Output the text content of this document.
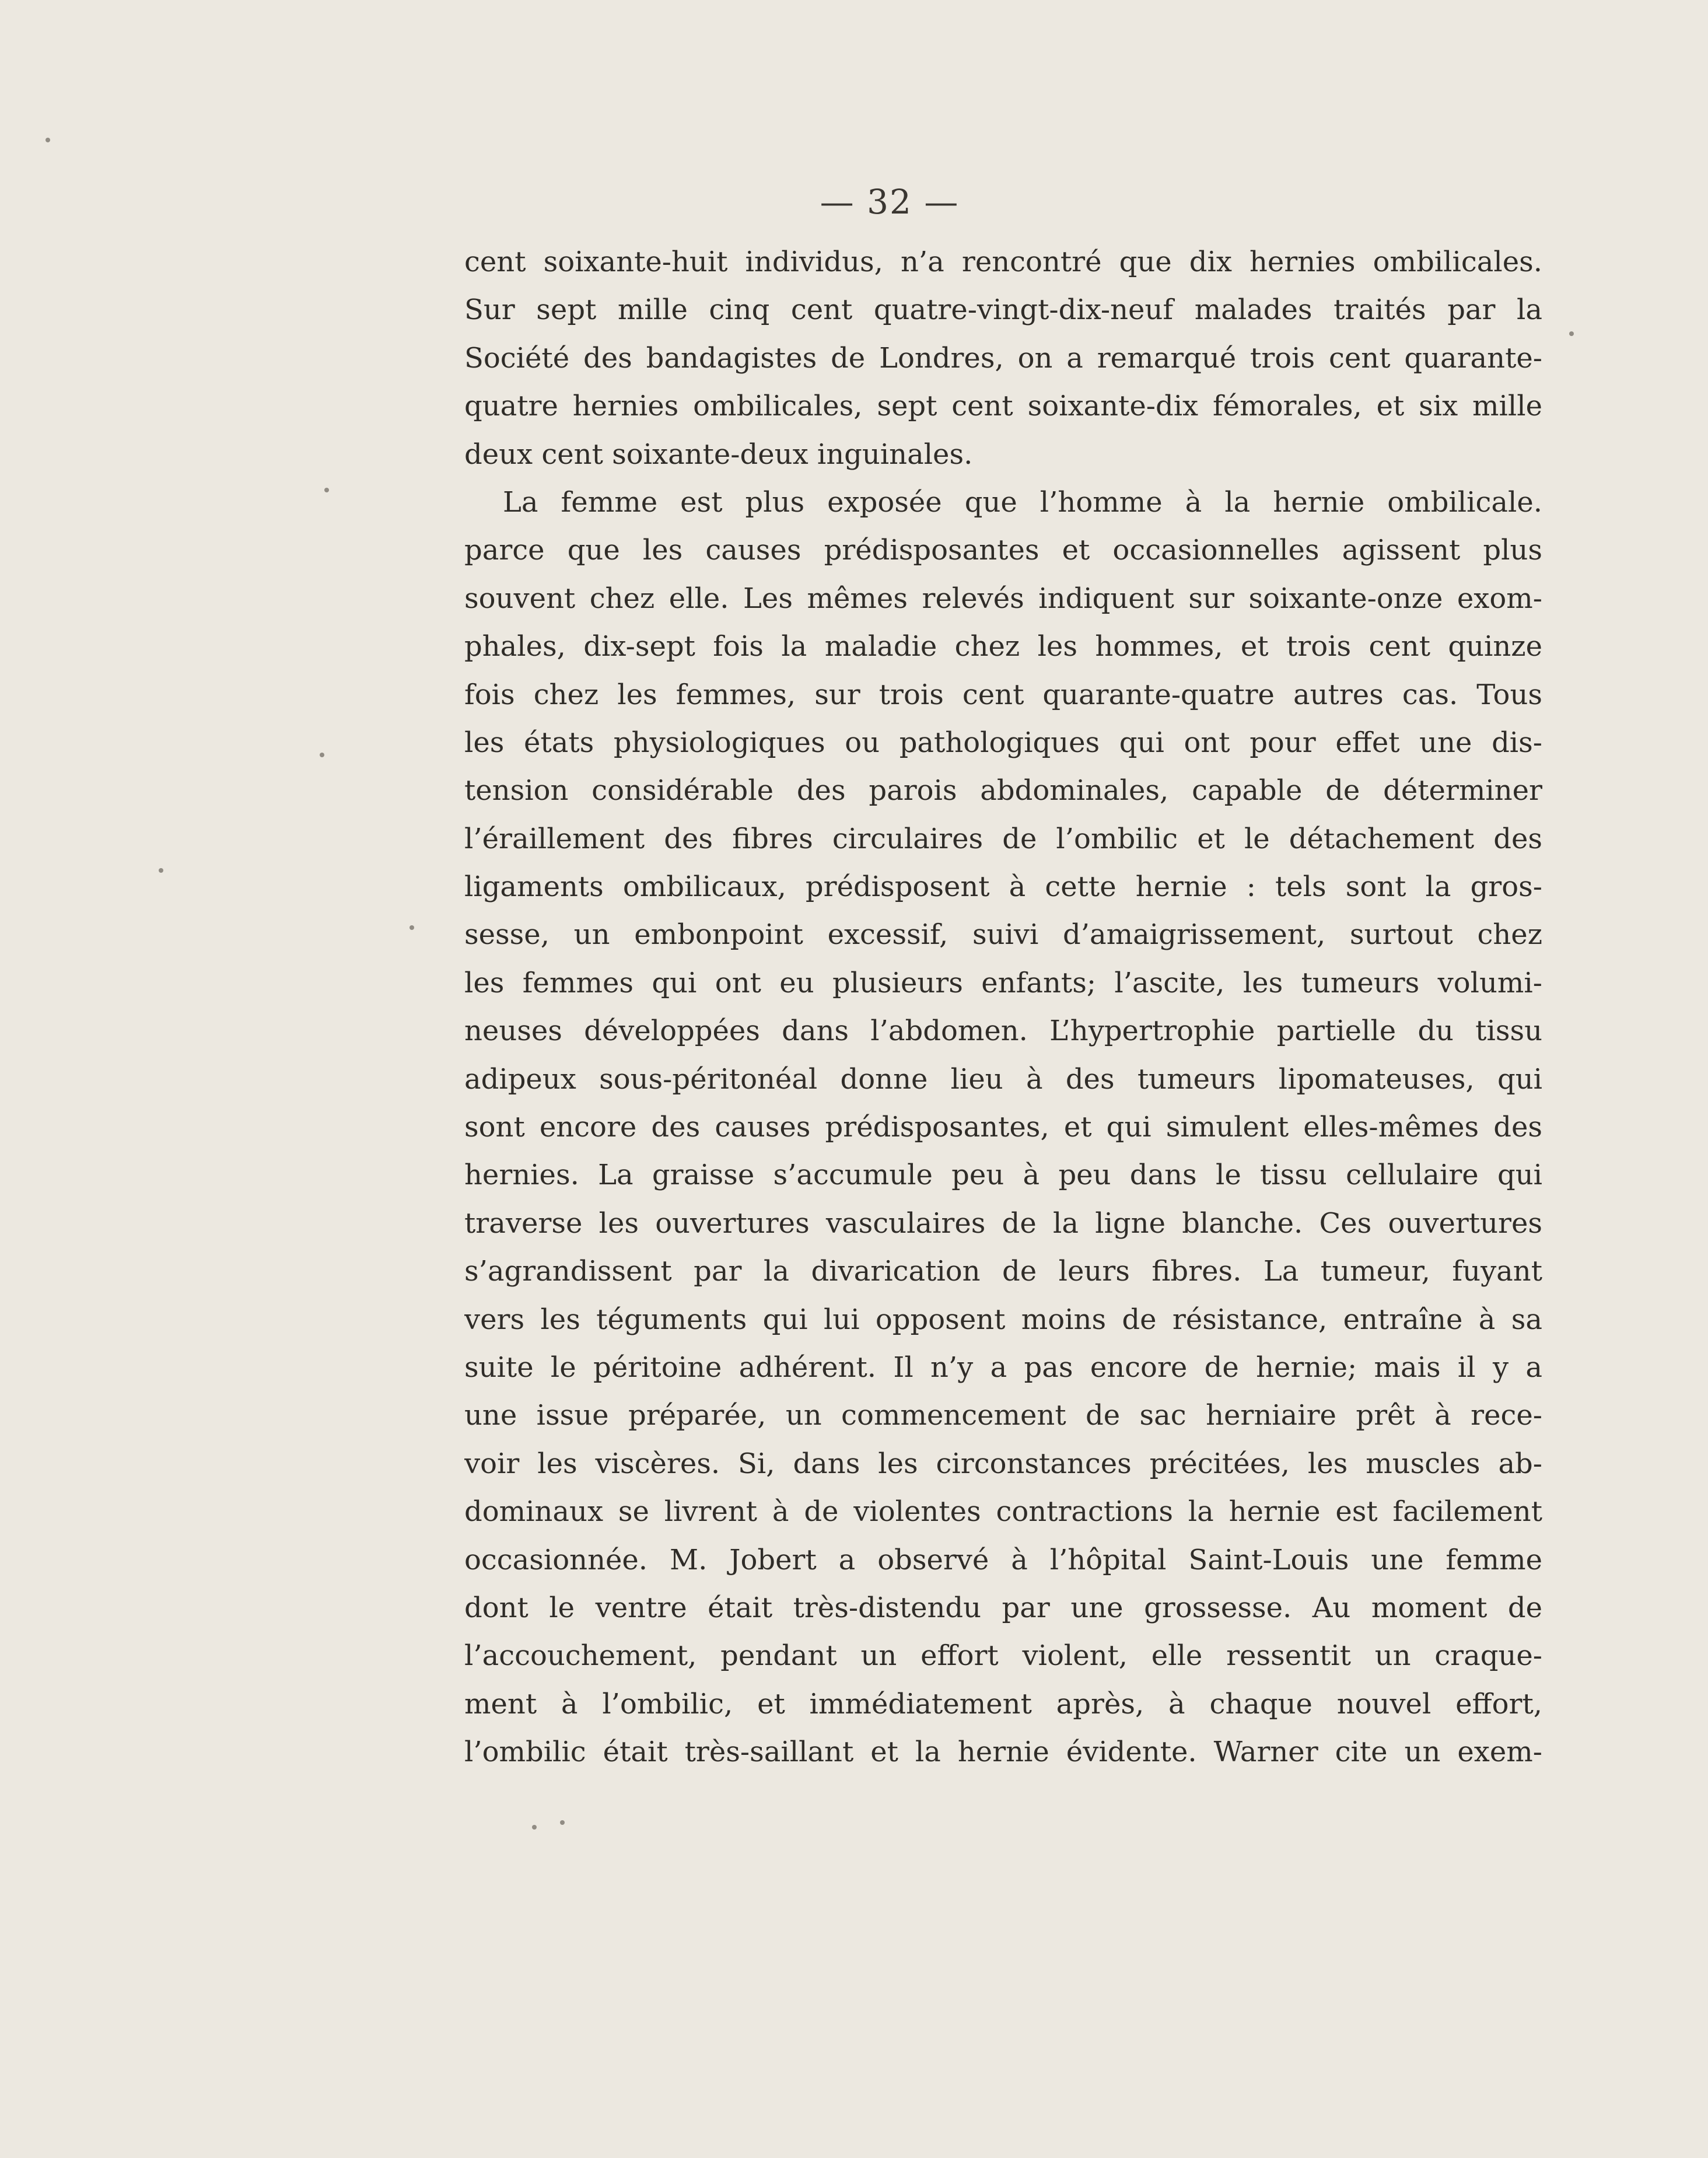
— 32 —
cent soixante-huit individus, n’a rencontré que dix hernies ombilicales.
Sur sept mille cinq cent quatre-vingt-dix-neuf malades traités par la
Société des bandagistes de Londres, on a remarqué trois cent quarante-
quatre hernies ombilicales, sept cent soixante-dix fémorales, et six mille
deux cent soixante-deux inguinales.
La femme est plus exposée que l’homme à la hernie ombilicale.
parce que les causes prédisposantes et occasionnelles agissent plus
souvent chez elle. Les mêmes relevés indiquent sur soixante-onze exom-
phales, dix-sept fois la maladie chez les hommes, et trois cent quinze
fois chez les femmes, sur trois cent quarante-quatre autres cas. Tous
les états physiologiques ou pathologiques qui ont pour effet une dis-
tension considérable des parois abdominales, capable de déterminer
l’éraillement des fibres circulaires de l’ombilic et le détachement des
ligaments ombilicaux, prédisposent à cette hernie : tels sont la gros-
sesse, un embonpoint excessif, suivi d’amaigrissement, surtout chez
les femmes qui ont eu plusieurs enfants; l’ascite, les tumeurs volumi-
neuses développées dans l’abdomen. L’hypertrophie partielle du tissu
adipeux sous-péritonéal donne lieu à des tumeurs lipomateuses, qui
sont encore des causes prédisposantes, et qui simulent elles-mêmes des
hernies. La graisse s’accumule peu à peu dans le tissu cellulaire qui
traverse les ouvertures vasculaires de la ligne blanche. Ces ouvertures
s’agrandissent par la divarication de leurs fibres. La tumeur, fuyant
vers les téguments qui lui opposent moins de résistance, entraîne à sa
suite le péritoine adhérent. Il n’y a pas encore de hernie; mais il y a
une issue préparée, un commencement de sac herniaire prêt à rece-
voir les viscères. Si, dans les circonstances précitées, les muscles ab-
dominaux se livrent à de violentes contractions la hernie est facilement
occasionnée. M. Jobert a observé à l’hôpital Saint-Louis une femme
dont le ventre était très-distendu par une grossesse. Au moment de
l’accouchement, pendant un effort violent, elle ressentit un craque-
ment à l’ombilic, et immédiatement après, à chaque nouvel effort,
l’ombilic était très-saillant et la hernie évidente. Warner cite un exem-
